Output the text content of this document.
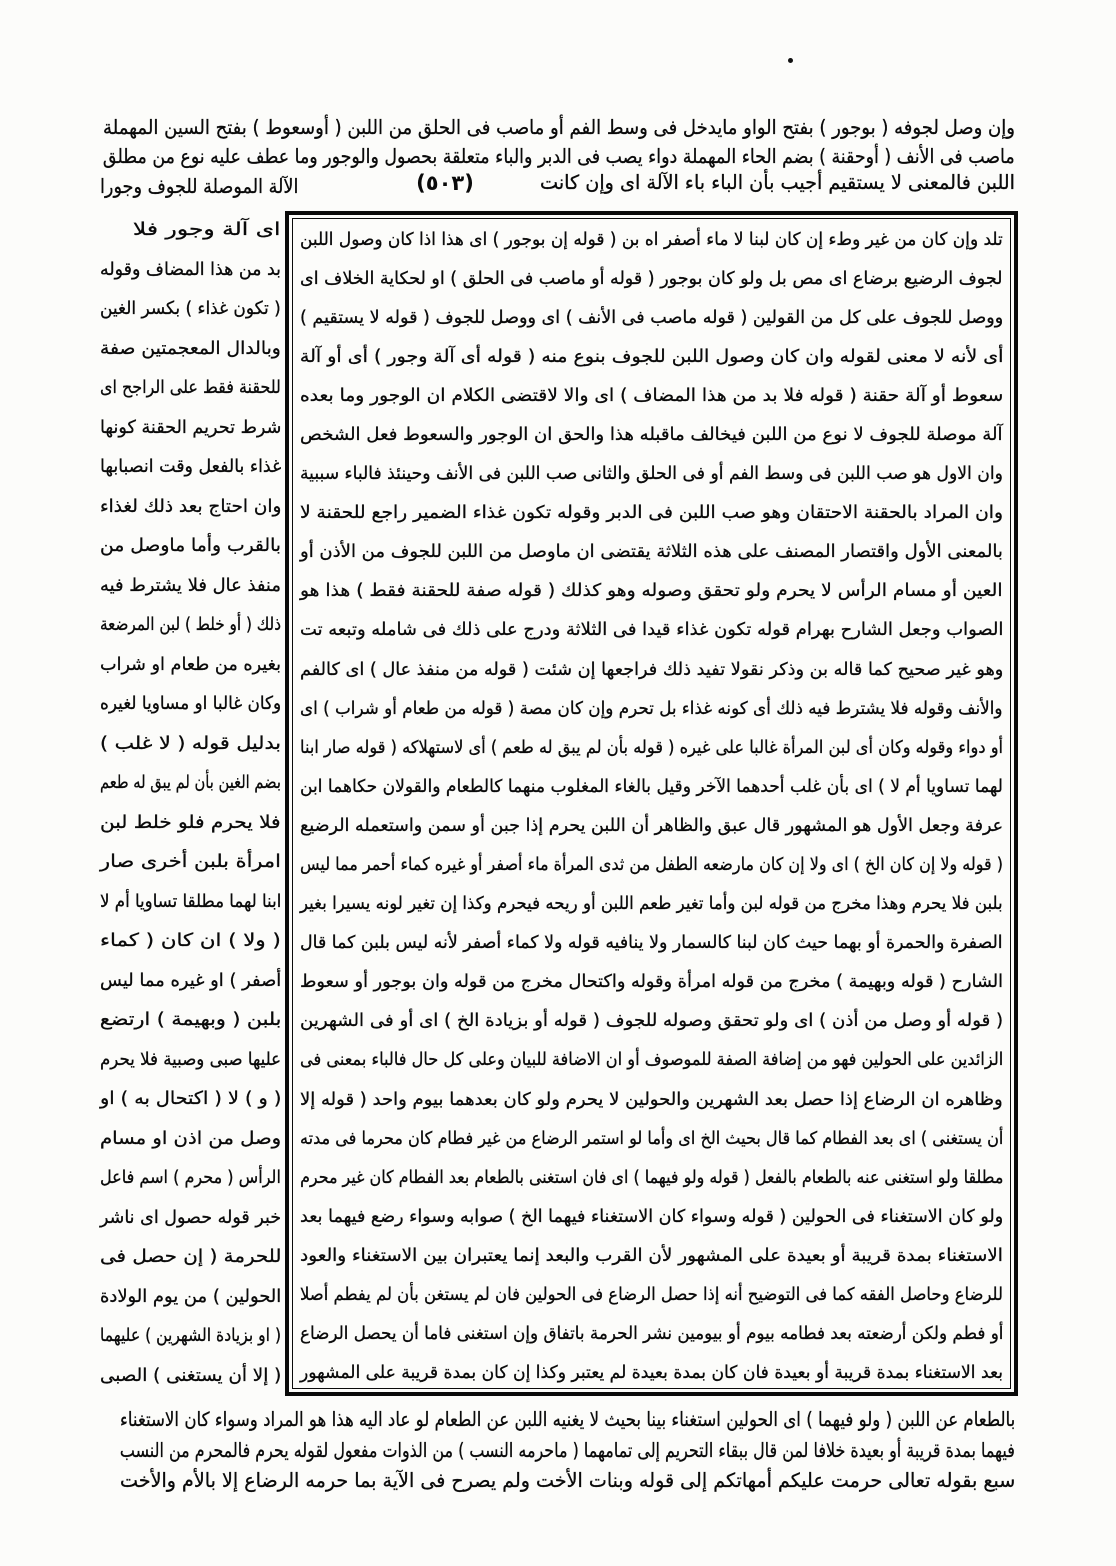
وإن وصل لجوفه ( بوجور ) بفتح الواو مايدخل فى وسط الفم أو ماصب فى الحلق من اللبن ( أوسعوط ) بفتح السين المهملة
ماصب فى الأنف ( أوحقنة ) بضم الحاء المهملة دواء يصب فى الدبر والباء متعلقة بحصول والوجور وما عطف عليه نوع من مطلق
اللبن فالمعنى لا يستقيم أجيب بأن الباء باء الآلة اى وإن كانت
(٥٠٣)
الآلة الموصلة للجوف وجورا
اى آلة وجور فلا
بد من هذا المضاف وقوله
( تكون غذاء ) بكسر الغين
وبالدال المعجمتين صفة
للحقنة فقط على الراجح اى
شرط تحريم الحقنة كونها
غذاء بالفعل وقت انصبابها
وان احتاج بعد ذلك لغذاء
بالقرب وأما ماوصل من
منفذ عال فلا يشترط فيه
ذلك ( أو خلط ) لبن المرضعة
بغيره من طعام او شراب
وكان غالبا او مساويا لغيره
بدليل قوله ( لا غلب )
بضم الغين بأن لم يبق له طعم
فلا يحرم فلو خلط لبن
امرأة بلبن أخرى صار
ابنا لهما مطلقا تساويا أم لا
( ولا ) ان كان ( كماء
أصفر ) او غيره مما ليس
بلبن ( وبهيمة ) ارتضع
عليها صبى وصبية فلا يحرم
( و ) لا ( اكتحال به ) او
وصل من اذن او مسام
الرأس ( محرم ) اسم فاعل
خبر قوله حصول اى ناشر
للحرمة ( إن حصل فى
الحولين ) من يوم الولادة
( او بزيادة الشهرين ) عليهما
( إلا أن يستغنى ) الصبى
تلد وإن كان من غير وطء إن كان لبنا لا ماء أصفر اه بن ( قوله إن بوجور ) اى هذا اذا كان وصول اللبن
لجوف الرضيع برضاع اى مص بل ولو كان بوجور ( قوله أو ماصب فى الحلق ) او لحكاية الخلاف اى
ووصل للجوف على كل من القولين ( قوله ماصب فى الأنف ) اى ووصل للجوف ( قوله لا يستقيم )
أى لأنه لا معنى لقوله وان كان وصول اللبن للجوف بنوع منه ( قوله أى آلة وجور ) أى أو آلة
سعوط أو آلة حقنة ( قوله فلا بد من هذا المضاف ) اى والا لاقتضى الكلام ان الوجور وما بعده
آلة موصلة للجوف لا نوع من اللبن فيخالف ماقبله هذا والحق ان الوجور والسعوط فعل الشخص
وان الاول هو صب اللبن فى وسط الفم أو فى الحلق والثانى صب اللبن فى الأنف وحينئذ فالباء سببية
وان المراد بالحقنة الاحتقان وهو صب اللبن فى الدبر وقوله تكون غذاء الضمير راجع للحقنة لا
بالمعنى الأول واقتصار المصنف على هذه الثلاثة يقتضى ان ماوصل من اللبن للجوف من الأذن أو
العين أو مسام الرأس لا يحرم ولو تحقق وصوله وهو كذلك ( قوله صفة للحقنة فقط ) هذا هو
الصواب وجعل الشارح بهرام قوله تكون غذاء قيدا فى الثلاثة ودرج على ذلك فى شامله وتبعه تت
وهو غير صحيح كما قاله بن وذكر نقولا تفيد ذلك فراجعها إن شئت ( قوله من منفذ عال ) اى كالفم
والأنف وقوله فلا يشترط فيه ذلك أى كونه غذاء بل تحرم وإن كان مصة ( قوله من طعام أو شراب ) اى
أو دواء وقوله وكان أى لبن المرأة غالبا على غيره ( قوله بأن لم يبق له طعم ) أى لاستهلاكه ( قوله صار ابنا
لهما تساويا أم لا ) اى بأن غلب أحدهما الآخر وقيل بالغاء المغلوب منهما كالطعام والقولان حكاهما ابن
عرفة وجعل الأول هو المشهور قال عبق والظاهر أن اللبن يحرم إذا جبن أو سمن واستعمله الرضيع
( قوله ولا إن كان الخ ) اى ولا إن كان مارضعه الطفل من ثدى المرأة ماء أصفر أو غيره كماء أحمر مما ليس
بلبن فلا يحرم وهذا مخرج من قوله لبن وأما تغير طعم اللبن أو ريحه فيحرم وكذا إن تغير لونه يسيرا بغير
الصفرة والحمرة أو بهما حيث كان لبنا كالسمار ولا ينافيه قوله ولا كماء أصفر لأنه ليس بلبن كما قال
الشارح ( قوله وبهيمة ) مخرج من قوله امرأة وقوله واكتحال مخرج من قوله وان بوجور أو سعوط
( قوله أو وصل من أذن ) اى ولو تحقق وصوله للجوف ( قوله أو بزيادة الخ ) اى أو فى الشهرين
الزائدين على الحولين فهو من إضافة الصفة للموصوف أو ان الاضافة للبيان وعلى كل حال فالباء بمعنى فى
وظاهره ان الرضاع إذا حصل بعد الشهرين والحولين لا يحرم ولو كان بعدهما بيوم واحد ( قوله إلا
أن يستغنى ) اى بعد الفطام كما قال بحيث الخ اى وأما لو استمر الرضاع من غير فطام كان محرما فى مدته
مطلقا ولو استغنى عنه بالطعام بالفعل ( قوله ولو فيهما ) اى فان استغنى بالطعام بعد الفطام كان غير محرم
ولو كان الاستغناء فى الحولين ( قوله وسواء كان الاستغناء فيهما الخ ) صوابه وسواء رضع فيهما بعد
الاستغناء بمدة قريبة أو بعيدة على المشهور لأن القرب والبعد إنما يعتبران بين الاستغناء والعود
للرضاع وحاصل الفقه كما فى التوضيح أنه إذا حصل الرضاع فى الحولين فان لم يستغن بأن لم يفطم أصلا
أو فطم ولكن أرضعته بعد فطامه بيوم أو بيومين نشر الحرمة باتفاق وإن استغنى فاما أن يحصل الرضاع
بعد الاستغناء بمدة قريبة أو بعيدة فان كان بمدة بعيدة لم يعتبر وكذا إن كان بمدة قريبة على المشهور
بالطعام عن اللبن ( ولو فيهما ) اى الحولين استغناء بينا بحيث لا يغنيه اللبن عن الطعام لو عاد اليه هذا هو المراد وسواء كان الاستغناء
فيهما بمدة قريبة أو بعيدة خلافا لمن قال ببقاء التحريم إلى تمامهما ( ماحرمه النسب ) من الذوات مفعول لقوله يحرم فالمحرم من النسب
سبع بقوله تعالى حرمت عليكم أمهاتكم إلى قوله وبنات الأخت ولم يصرح فى الآية بما حرمه الرضاع إلا بالأم والأخت
